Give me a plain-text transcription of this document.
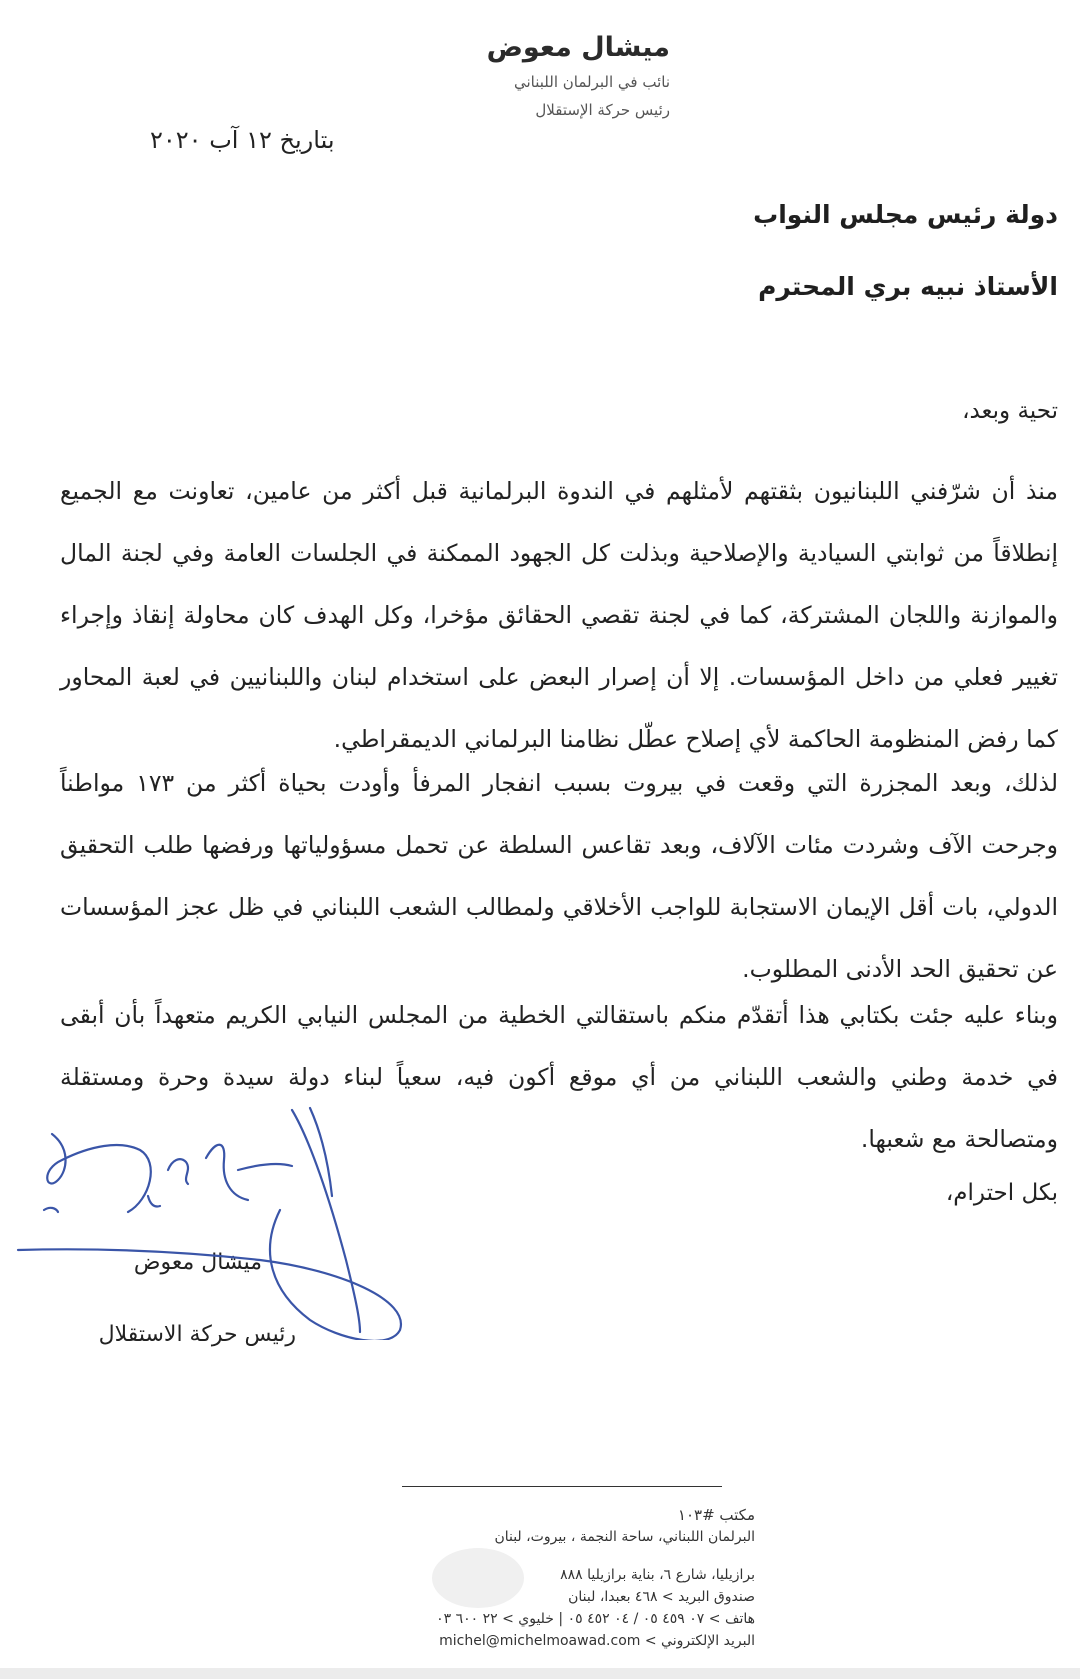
ميشال معوض
نائب في البرلمان اللبناني
رئيس حركة الإستقلال
بتاريخ ١٢ آب ٢٠٢٠
دولة رئيس مجلس النواب
الأستاذ نبيه بري المحترم
تحية وبعد،

منذ أن شرّفني اللبنانيون بثقتهم لأمثلهم في الندوة البرلمانية قبل أكثر من عامين، تعاونت مع الجميع إنطلاقاً من ثوابتي السيادية والإصلاحية وبذلت كل الجهود الممكنة في الجلسات العامة وفي لجنة المال والموازنة واللجان المشتركة، كما في لجنة تقصي الحقائق مؤخرا، وكل الهدف كان محاولة إنقاذ وإجراء تغيير فعلي من داخل المؤسسات. إلا أن إصرار البعض على استخدام لبنان واللبنانيين في لعبة المحاور كما رفض المنظومة الحاكمة لأي إصلاح عطّل نظامنا البرلماني الديمقراطي.

لذلك، وبعد المجزرة التي وقعت في بيروت بسبب انفجار المرفأ وأودت بحياة أكثر من ١٧٣ مواطناً وجرحت الآف وشردت مئات الآلاف، وبعد تقاعس السلطة عن تحمل مسؤولياتها ورفضها طلب التحقيق الدولي، بات أقل الإيمان الاستجابة للواجب الأخلاقي ولمطالب الشعب اللبناني في ظل عجز المؤسسات عن تحقيق الحد الأدنى المطلوب.

وبناء عليه جئت بكتابي هذا أتقدّم منكم باستقالتي الخطية من المجلس النيابي الكريم متعهداً بأن أبقى في خدمة وطني والشعب اللبناني من أي موقع أكون فيه، سعياً لبناء دولة سيدة وحرة ومستقلة ومتصالحة مع شعبها.

بكل احترام،
ميشال معوض
رئيس حركة الاستقلال
مكتب #١٠٣
البرلمان اللبناني، ساحة النجمة ، بيروت، لبنان
برازيليا، شارع ٦، بناية برازيليا ٨٨٨
صندوق البريد > ٤٦٨ بعبدا، لبنان
هاتف > ٠٧ ٤٥٩ ٠٥ / ٠٤ ٤٥٢ ٠٥ | خليوي > ٢٢ ٦٠٠ ٠٣
البريد الإلكتروني > michel@michelmoawad.com
